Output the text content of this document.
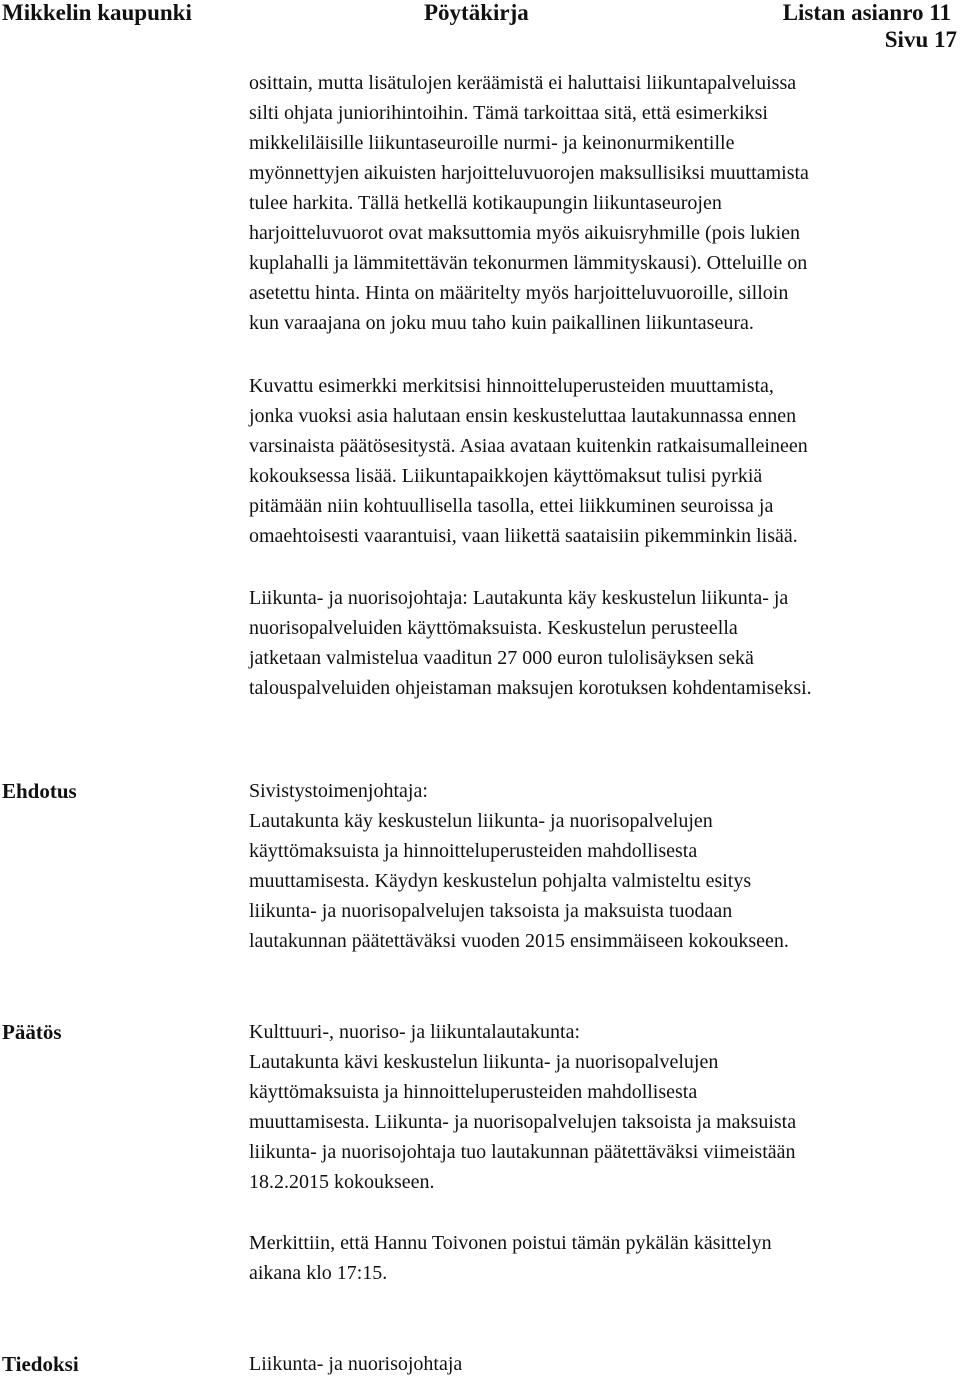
Mikkelin kaupunki	Pöytäkirja	Listan asianro 11
Sivu 17
osittain, mutta lisätulojen keräämistä ei haluttaisi liikuntapalveluissa
silti ohjata juniorihintoihin. Tämä tarkoittaa sitä, että esimerkiksi
mikkeliläisille liikuntaseuroille nurmi- ja keinonurmikentille
myönnettyjen aikuisten harjoitteluvuorojen maksullisiksi muuttamista
tulee harkita. Tällä hetkellä kotikaupungin liikuntaseurojen
harjoitteluvuorot ovat maksuttomia myös aikuisryhmille (pois lukien
kuplahalli ja lämmitettävän tekonurmen lämmityskausi). Otteluille on
asetettu hinta. Hinta on määritelty myös harjoitteluvuoroille, silloin
kun varaajana on joku muu taho kuin paikallinen liikuntaseura.
Kuvattu esimerkki merkitsisi hinnoitteluperusteiden muuttamista,
jonka vuoksi asia halutaan ensin keskusteluttaa lautakunnassa ennen
varsinaista päätösesitystä. Asiaa avataan kuitenkin ratkaisumalleineen
kokouksessa lisää. Liikuntapaikkojen käyttömaksut tulisi pyrkiä
pitämään niin kohtuullisella tasolla, ettei liikkuminen seuroissa ja
omaehtoisesti vaarantuisi, vaan liikettä saataisiin pikemminkin lisää.
Liikunta- ja nuorisojohtaja: Lautakunta käy keskustelun liikunta- ja
nuorisopalveluiden käyttömaksuista. Keskustelun perusteella
jatketaan valmistelua vaaditun 27 000 euron tulolisäyksen sekä
talouspalveluiden ohjeistaman maksujen korotuksen kohdentamiseksi.
Ehdotus	Sivistystoimenjohtaja:
Lautakunta käy keskustelun liikunta- ja nuorisopalvelujen
käyttömaksuista ja hinnoitteluperusteiden mahdollisesta
muuttamisesta. Käydyn keskustelun pohjalta valmisteltu esitys
liikunta- ja nuorisopalvelujen taksoista ja maksuista tuodaan
lautakunnan päätettäväksi vuoden 2015 ensimmäiseen kokoukseen.
Päätös	Kulttuuri-, nuoriso- ja liikuntalautakunta:
Lautakunta kävi keskustelun liikunta- ja nuorisopalvelujen
käyttömaksuista ja hinnoitteluperusteiden mahdollisesta
muuttamisesta. Liikunta- ja nuorisopalvelujen taksoista ja maksuista
liikunta- ja nuorisojohtaja tuo lautakunnan päätettäväksi viimeistään
18.2.2015 kokoukseen.
Merkittiin, että Hannu Toivonen poistui tämän pykälän käsittelyn
aikana klo 17:15.
Tiedoksi	Liikunta- ja nuorisojohtaja
